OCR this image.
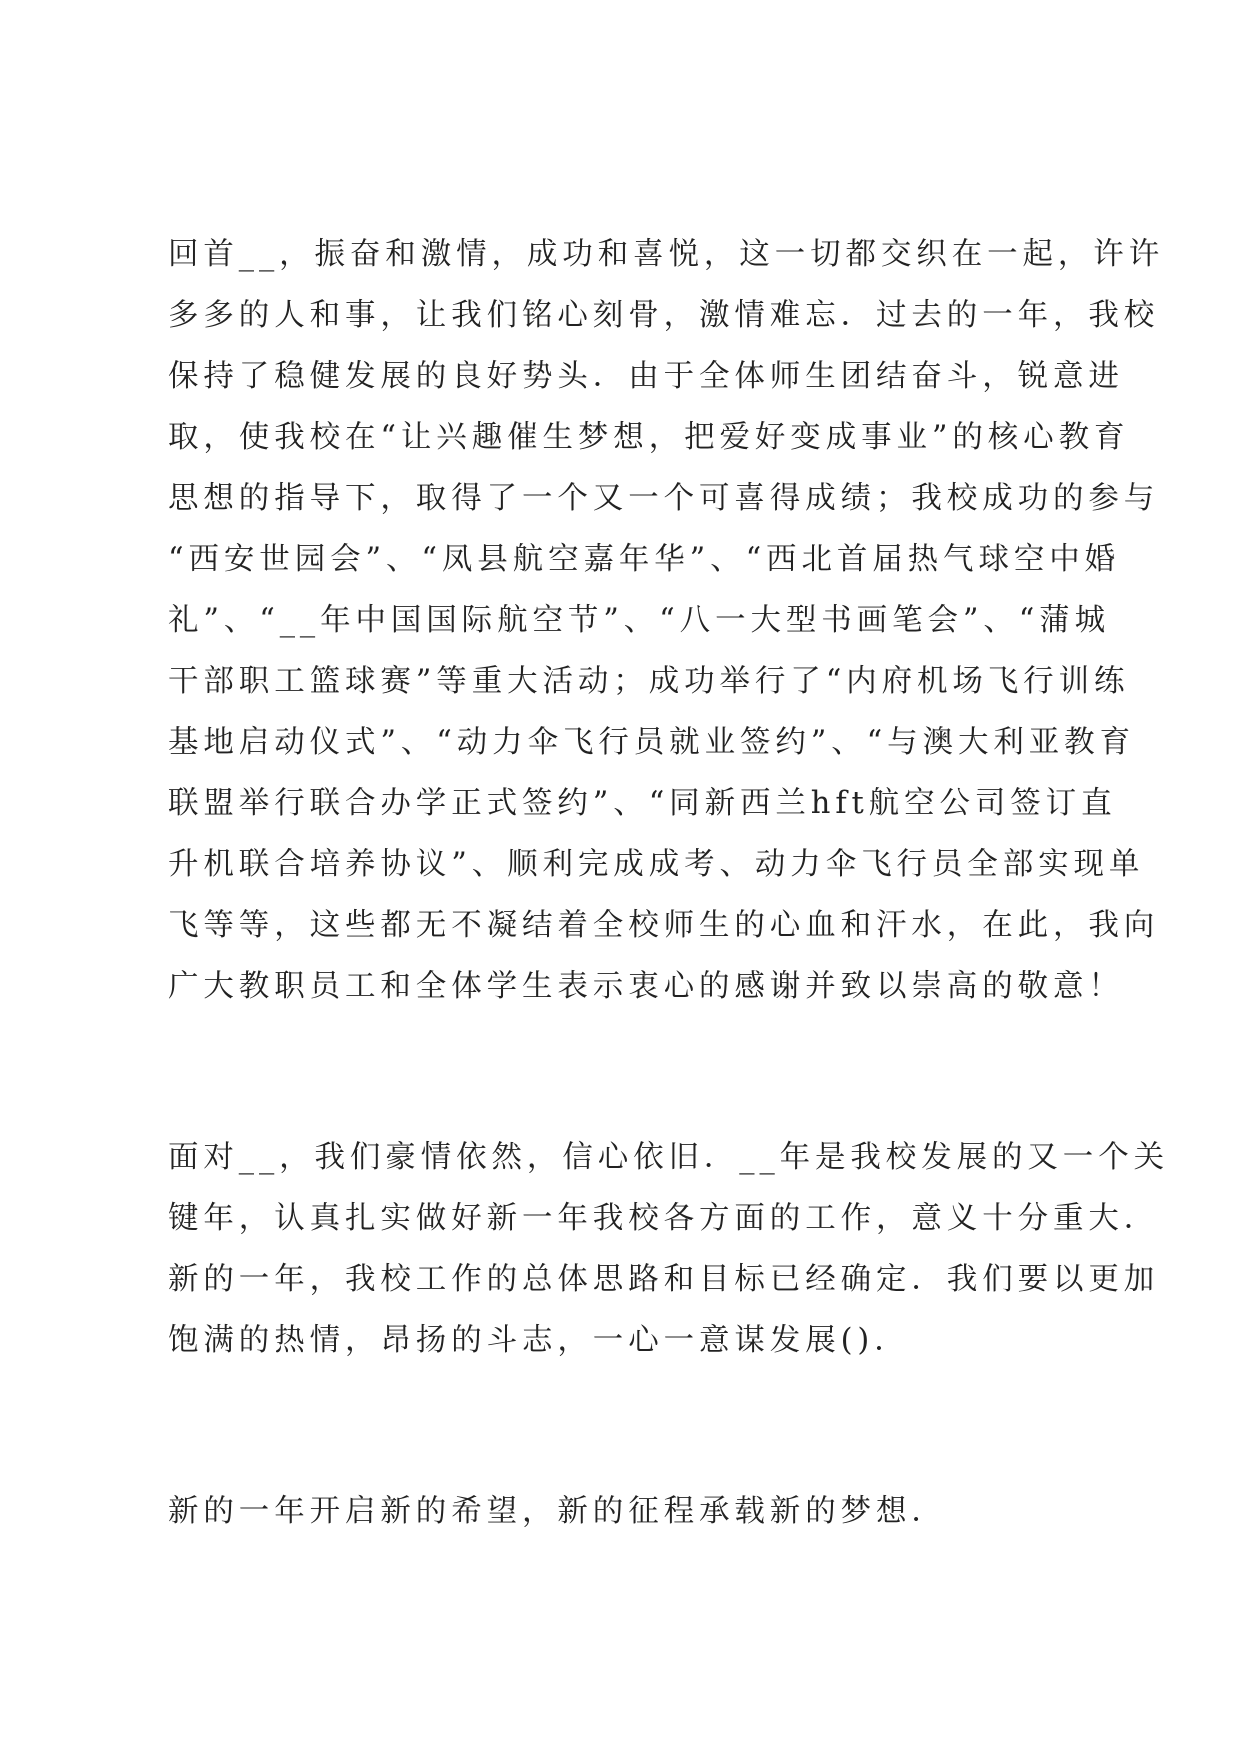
回首__，振奋和激情，成功和喜悦，这一切都交织在一起，许许
多多的人和事，让我们铭心刻骨，激情难忘．过去的一年，我校
保持了稳健发展的良好势头．由于全体师生团结奋斗，锐意进
取，使我校在“让兴趣催生梦想，把爱好变成事业”的核心教育
思想的指导下，取得了一个又一个可喜得成绩；我校成功的参与
“西安世园会”、“凤县航空嘉年华”、“西北首届热气球空中婚
礼”、“__年中国国际航空节”、“八一大型书画笔会”、“蒲城
干部职工篮球赛”等重大活动；成功举行了“内府机场飞行训练
基地启动仪式”、“动力伞飞行员就业签约”、“与澳大利亚教育
联盟举行联合办学正式签约”、“同新西兰hft航空公司签订直
升机联合培养协议”、顺利完成成考、动力伞飞行员全部实现单
飞等等，这些都无不凝结着全校师生的心血和汗水，在此，我向
广大教职员工和全体学生表示衷心的感谢并致以崇高的敬意！
面对__，我们豪情依然，信心依旧．__年是我校发展的又一个关
键年，认真扎实做好新一年我校各方面的工作，意义十分重大．
新的一年，我校工作的总体思路和目标已经确定．我们要以更加
饱满的热情，昂扬的斗志，一心一意谋发展()．
新的一年开启新的希望，新的征程承载新的梦想．
